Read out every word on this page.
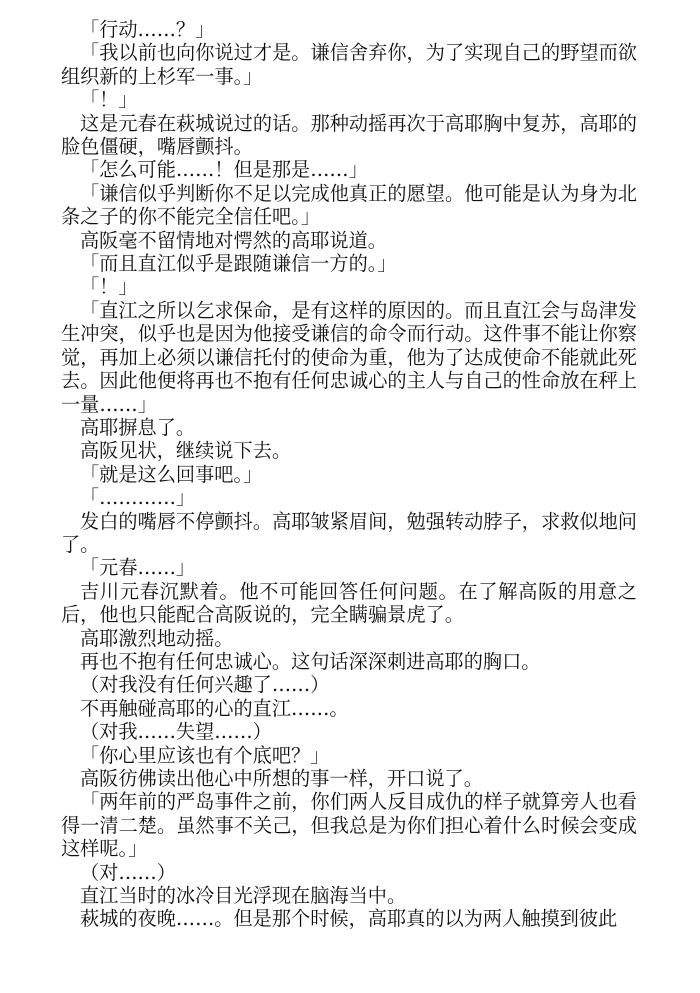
「行动……？」

「我以前也向你说过才是。谦信舍弃你，为了实现自己的野望而欲组织新的上杉军一事。」

「！」

这是元春在萩城说过的话。那种动摇再次于高耶胸中复苏，高耶的脸色僵硬，嘴唇颤抖。

「怎么可能……！但是那是……」

「谦信似乎判断你不足以完成他真正的愿望。他可能是认为身为北条之子的你不能完全信任吧。」

高阪毫不留情地对愕然的高耶说道。

「而且直江似乎是跟随谦信一方的。」

「！」

「直江之所以乞求保命，是有这样的原因的。而且直江会与岛津发生冲突，似乎也是因为他接受谦信的命令而行动。这件事不能让你察觉，再加上必须以谦信托付的使命为重，他为了达成使命不能就此死去。因此他便将再也不抱有任何忠诚心的主人与自己的性命放在秤上一量……」

高耶摒息了。

高阪见状，继续说下去。

「就是这么回事吧。」

「…………」

发白的嘴唇不停颤抖。高耶皱紧眉间，勉强转动脖子，求救似地问了。

「元春……」

吉川元春沉默着。他不可能回答任何问题。在了解高阪的用意之后，他也只能配合高阪说的，完全瞒骗景虎了。

高耶激烈地动摇。

再也不抱有任何忠诚心。这句话深深刺进高耶的胸口。

（对我没有任何兴趣了……）

不再触碰高耶的心的直江……。

（对我……失望……）

「你心里应该也有个底吧？」

高阪彷佛读出他心中所想的事一样，开口说了。

「两年前的严岛事件之前，你们两人反目成仇的样子就算旁人也看得一清二楚。虽然事不关己，但我总是为你们担心着什么时候会变成这样呢。」

（对……）

直江当时的冰冷目光浮现在脑海当中。

萩城的夜晚……。但是那个时候，高耶真的以为两人触摸到彼此
